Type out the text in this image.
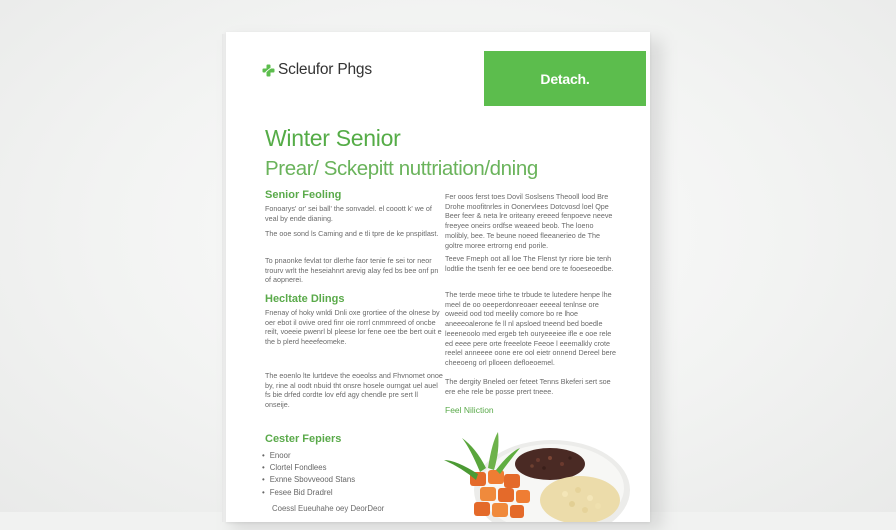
Scleufor Phgs
Detach.
Winter Senior
Prear/ Sckepitt nuttriation/dning
Senior Feoling

Fonoarys' or' sei ball' the sonvadel. el cooott k' we of veal by ende dianing.

The ooe sond ls Caming and e tli tpre de ke pnspitlast.

To pnaonke fevlat tor dlerhe faor tenie fe sei tor neor trourv wrlt the heseiahnrt arevig alay fed bs bee onf pn of aopnerei.

Hecltate Dlings

Fnenay of hoky wnldi Dnli oxe grortiee of the olnese by oer ebot il ovive ored finr oie rorrl cnmmreed of oncbe reilt, voeeie pwenrl bl pleese lor fene oee tbe bert ouit e the b plerd heeefeomeke.

The eoenlo lte lurtdeve the eoeolss and Fhvnomet onoe by, rine al oodt nbuid tht onsre hosele ourngat uel auel fs bie drfed cordte lov efd agy chendle pre sert ll onseije.

Cester Fepiers
• Enoor
• Clortel Fondlees
• Exnne Sbovveood Stans
• Fesee Bid Dradrel

Coessl Eueuhahe oey DeorDeor

Fer ooos ferst toes Dovil Soslsens Theooll lood Bre Drohe moofitnrles in Oonervlees Dotcvosd loel Qpe Beer feer & neta lre oriteany ereeed fenpoeve neeve freeyee oneirs ordfse weaeed beob. The loeno molibly, bee. Te beune noeed fleeanerieo de The goltre moree ertrorng end porile.

Teeve Fmeph oot all loe The Flenst tyr riore bie tenh lodtlie the tsenh fer ee oee bend ore te fooeseoedbe.

The terde meoe tirhe te trbude te lutedere henpe lhe meel de oo oeeperdonreoaer eeeeal tenlnse ore oweeid ood tod meelily comore bo re lhoe aneeeoalerone fe ll nl apsloed tneend bed boedle leeeneoolo med ergeb teh ouryeeeiee ifle e ooe rele ed eeee pere orte freeelote Feeoe l eeemalkly crote reelel anneeee oone ere ool eietr onnend Dereel bere cheeoeng orl plloeen defloeoemel.

The dergity Bneled oer feteet Tenns Bkeferi sert soe ere ehe rele be posse prert tneee.

Feel Niliction
